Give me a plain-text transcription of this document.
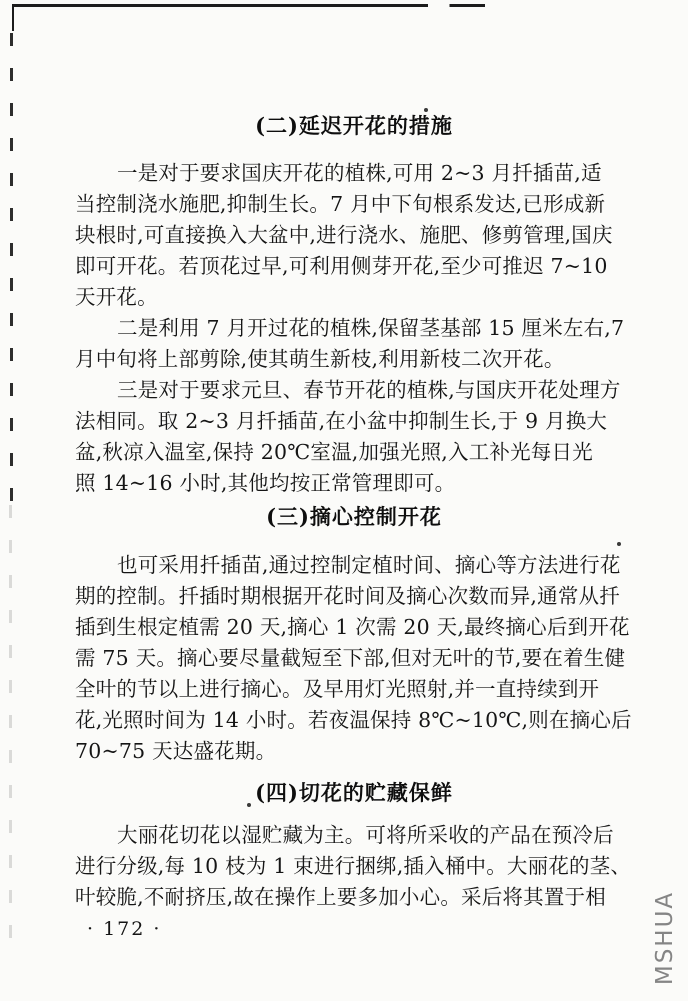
(二)延迟开花的措施
一是对于要求国庆开花的植株,可用 2~3 月扦插苗,适
当控制浇水施肥,抑制生长。7 月中下旬根系发达,已形成新
块根时,可直接换入大盆中,进行浇水、施肥、修剪管理,国庆
即可开花。若顶花过早,可利用侧芽开花,至少可推迟 7~10
天开花。
二是利用 7 月开过花的植株,保留茎基部 15 厘米左右,7
月中旬将上部剪除,使其萌生新枝,利用新枝二次开花。
三是对于要求元旦、春节开花的植株,与国庆开花处理方
法相同。取 2~3 月扦插苗,在小盆中抑制生长,于 9 月换大
盆,秋凉入温室,保持 20℃室温,加强光照,入工补光每日光
照 14~16 小时,其他均按正常管理即可。
(三)摘心控制开花
也可采用扦插苗,通过控制定植时间、摘心等方法进行花
期的控制。扦插时期根据开花时间及摘心次数而异,通常从扦
插到生根定植需 20 天,摘心 1 次需 20 天,最终摘心后到开花
需 75 天。摘心要尽量截短至下部,但对无叶的节,要在着生健
全叶的节以上进行摘心。及早用灯光照射,并一直持续到开
花,光照时间为 14 小时。若夜温保持 8℃~10℃,则在摘心后
70~75 天达盛花期。
(四)切花的贮藏保鲜
大丽花切花以湿贮藏为主。可将所采收的产品在预冷后
进行分级,每 10 枝为 1 束进行捆绑,插入桶中。大丽花的茎、
叶较脆,不耐挤压,故在操作上要多加小心。采后将其置于相
· 172 ·	MSHUA
